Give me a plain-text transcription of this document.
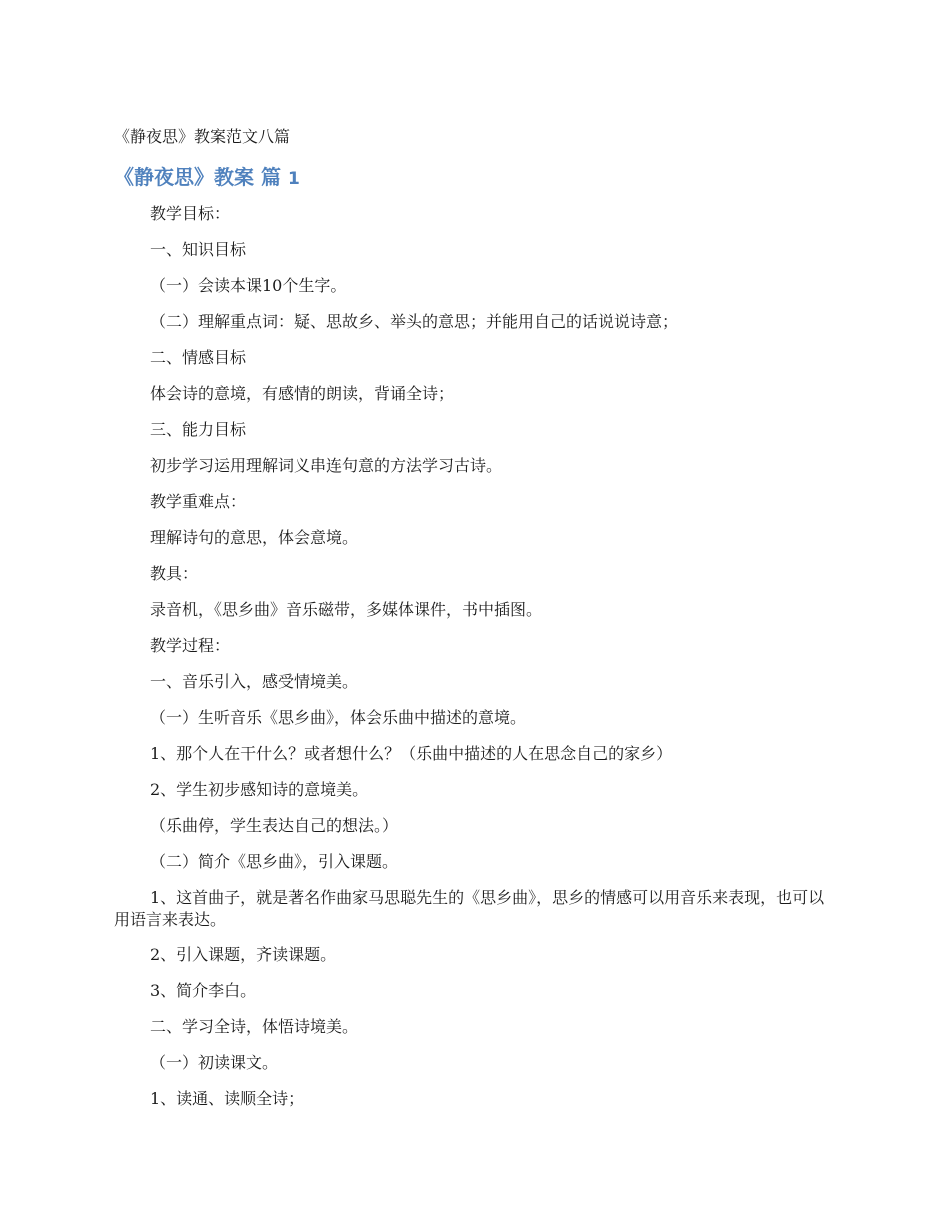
《静夜思》教案范文八篇
《静夜思》教案 篇 1
教学目标：
一、知识目标
（一）会读本课10个生字。
（二）理解重点词：疑、思故乡、举头的意思；并能用自己的话说说诗意；
二、情感目标
体会诗的意境，有感情的朗读，背诵全诗；
三、能力目标
初步学习运用理解词义串连句意的方法学习古诗。
教学重难点：
理解诗句的意思，体会意境。
教具：
录音机，《思乡曲》音乐磁带，多媒体课件，书中插图。
教学过程：
一、音乐引入，感受情境美。
（一）生听音乐《思乡曲》，体会乐曲中描述的意境。
1、那个人在干什么？或者想什么？（乐曲中描述的人在思念自己的家乡）
2、学生初步感知诗的意境美。
（乐曲停，学生表达自己的想法。）
（二）简介《思乡曲》，引入课题。
1、这首曲子，就是著名作曲家马思聪先生的《思乡曲》，思乡的情感可以用音乐来表现，也可以用语言来表达。
2、引入课题，齐读课题。
3、简介李白。
二、学习全诗，体悟诗境美。
（一）初读课文。
1、读通、读顺全诗；
